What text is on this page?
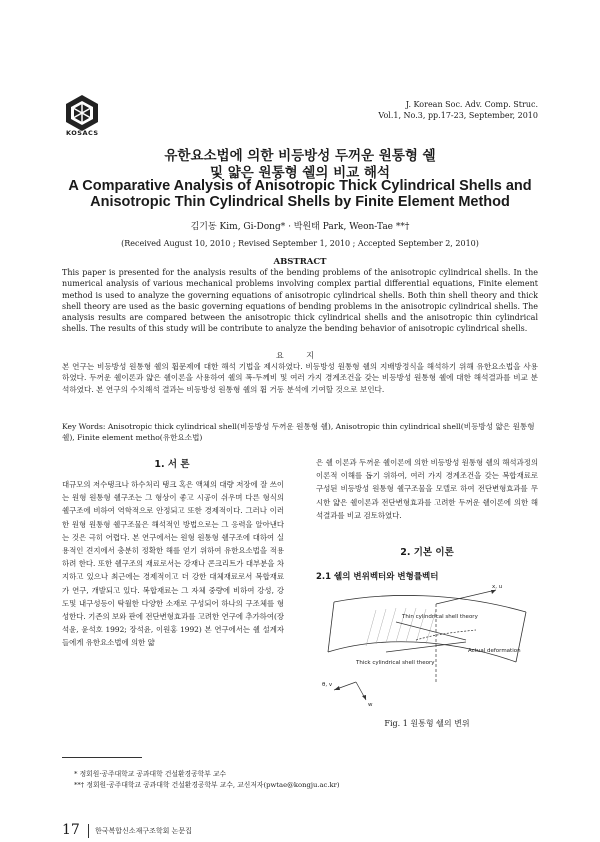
KOSACS
J. Korean Soc. Adv. Comp. Struc.
Vol.1, No.3, pp.17-23, September, 2010
유한요소법에 의한 비등방성 두꺼운 원통형 쉘
및 얇은 원통형 쉘의 비교 해석
A Comparative Analysis of Anisotropic Thick Cylindrical Shells and
Anisotropic Thin Cylindrical Shells by Finite Element Method
김기동 Kim, Gi-Dong* · 박원태 Park, Weon-Tae **†
(Received August 10, 2010 ; Revised September 1, 2010 ; Accepted September 2, 2010)
ABSTRACT
This paper is presented for the analysis results of the bending problems of the anisotropic cylindrical shells. In the numerical analysis of various mechanical problems involving complex partial differential equations, Finite element method is used to analyze the governing equations of anisotropic cylindrical shells. Both thin shell theory and thick shell theory are used as the basic governing equations of bending problems in the anisotropic cylindrical shells. The analysis results are compared between the anisotropic thick cylindrical shells and the anisotropic thin cylindrical shells. The results of this study will be contribute to analyze the bending behavior of anisotropic cylindrical shells.
요 지
본 연구는 비등방성 원통형 쉘의 휨문제에 대한 해석 기법을 제시하였다. 비등방성 원통형 쉘의 지배방정식을 해석하기 위해 유한요소법을 사용하였다. 두꺼운 쉘이론과 얇은 쉘이론을 사용하여 쉘의 폭-두께비 및 여러 가지 경계조건을 갖는 비등방성 원통형 쉘에 대한 해석결과를 비교 분석하였다. 본 연구의 수치해석 결과는 비등방성 원통형 쉘의 휨 거동 분석에 기여할 것으로 보인다.
Key Words: Anisotropic thick cylindrical shell(비등방성 두꺼운 원통형 쉘), Anisotropic thin cylindrical shell(비등방성 얇은 원통형 쉘), Finite element metho(유한요소법)
1. 서 론
대규모의 저수탱크나 하수처리 탱크 혹은 액체의 대량 저장에 잘 쓰이는 원형 원통형 쉘구조는 그 형상이 좋고 시공이 쉬우며 다른 형식의 쉘구조에 비하여 역학적으로 안정되고 또한 경제적이다. 그러나 이러한 원형 원통형 쉘구조물은 해석적인 방법으로는 그 응력을 알아낸다는 것은 극히 어렵다. 본 연구에서는 원형 원통형 쉘구조에 대하여 실용적인 견지에서 충분히 정확한 해를 얻기 위하여 유한요소법을 적용하려 한다. 또한 쉘구조의 재료로서는 강재나 콘크리트가 대부분을 차지하고 있으나 최근에는 경제적이고 더 강한 대체재료로서 복합재료가 연구, 개발되고 있다. 복합재료는 그 자체 중량에 비하여 강성, 강도및 내구성등이 탁월한 다양한 소재로 구성되어 하나의 구조체를 형성한다. 기존의 보와 판에 전단변형효과를 고려한 연구에 추가하여(장석윤, 윤석호 1992; 장석윤, 이원홍 1992) 본 연구에서는 쉘 설계자들에게 유한요소법에 의한 얇
은 쉘 이론과 두꺼운 쉘이론에 의한 비등방성 원통형 쉘의 해석과정의 이론적 이해를 돕기 위하여, 여러 가지 경계조건을 갖는 복합재료로 구성된 비등방성 원통형 쉘구조물을 모델로 하여 전단변형효과를 무시한 얇은 쉘이론과 전단변형효과를 고려한 두꺼운 쉘이론에 의한 해석결과를 비교 검토하였다.
2. 기본 이론
2.1 쉘의 변위벡터와 변형률벡터
x, u
Thin cylindrical shell theory
Thick cylindrical shell theory
Actual deformation
θ, v
w
Fig. 1 원통형 쉘의 변위
* 정회원·공주대학교 공과대학 건설환경공학부 교수
**† 정회원·공주대학교 공과대학 건설환경공학부 교수, 교신저자(pwtae@kongju.ac.kr)
17 한국복합신소재구조학회 논문집
